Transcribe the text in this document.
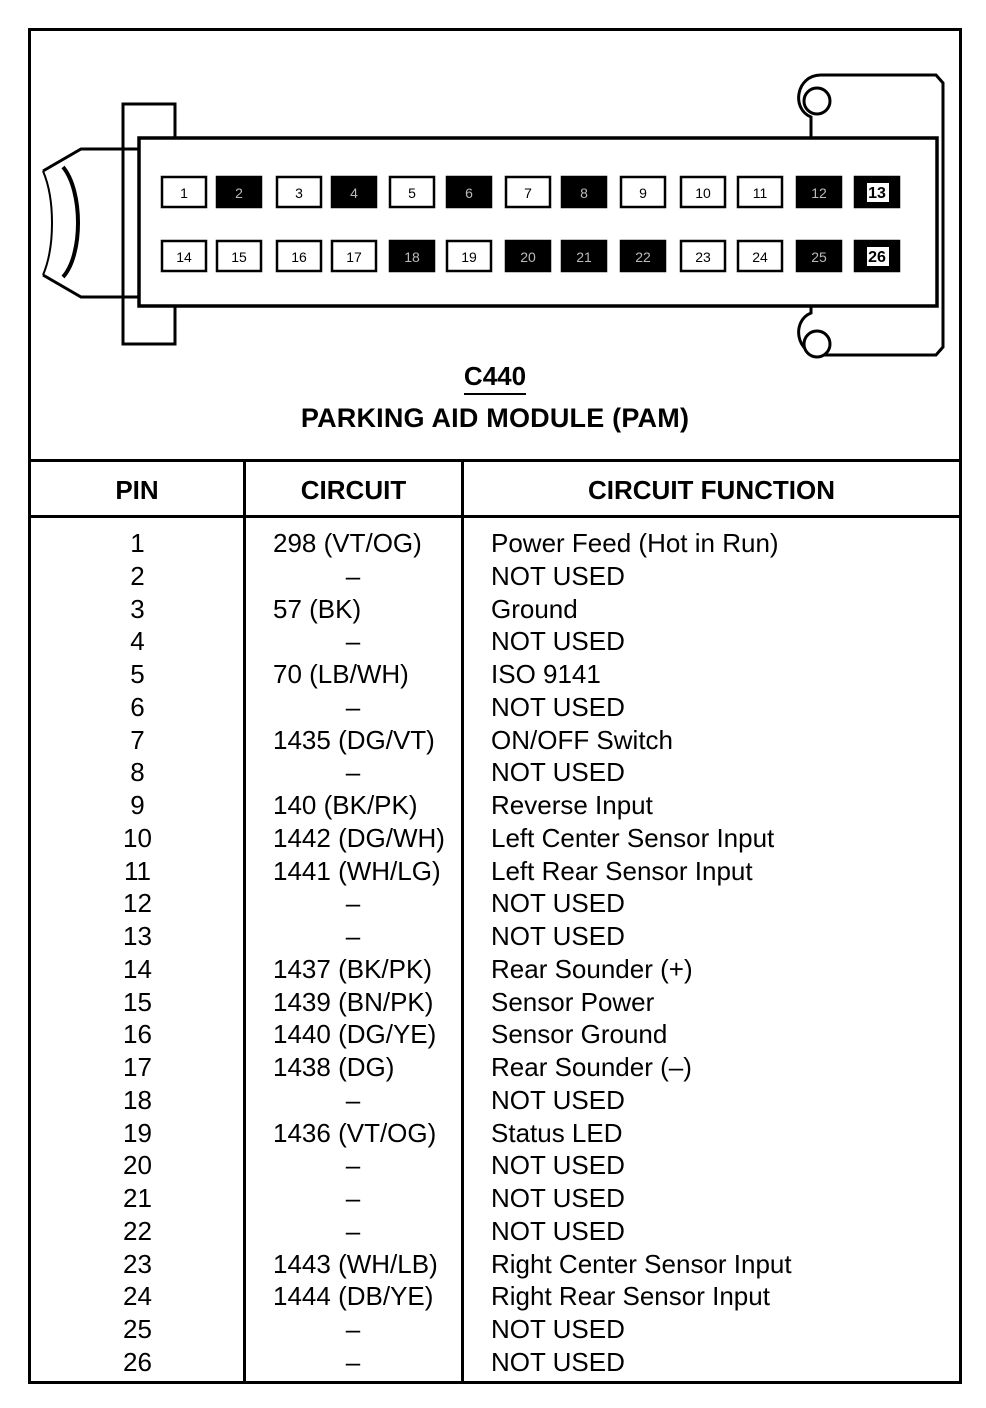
1	2	3	4	5	6	7	8	9	10	11	12	13
14	15	16	17	18	19	20	21	22	23	24	25	26
C440
PARKING AID MODULE (PAM)
PIN	CIRCUIT	CIRCUIT FUNCTION
1	298 (VT/OG)	Power Feed (Hot in Run)
2	–	NOT USED
3	57 (BK)	Ground
4	–	NOT USED
5	70 (LB/WH)	ISO 9141
6	–	NOT USED
7	1435 (DG/VT)	ON/OFF Switch
8	–	NOT USED
9	140 (BK/PK)	Reverse Input
10	1442 (DG/WH)	Left Center Sensor Input
11	1441 (WH/LG)	Left Rear Sensor Input
12	–	NOT USED
13	–	NOT USED
14	1437 (BK/PK)	Rear Sounder (+)
15	1439 (BN/PK)	Sensor Power
16	1440 (DG/YE)	Sensor Ground
17	1438 (DG)	Rear Sounder (–)
18	–	NOT USED
19	1436 (VT/OG)	Status LED
20	–	NOT USED
21	–	NOT USED
22	–	NOT USED
23	1443 (WH/LB)	Right Center Sensor Input
24	1444 (DB/YE)	Right Rear Sensor Input
25	–	NOT USED
26	–	NOT USED
